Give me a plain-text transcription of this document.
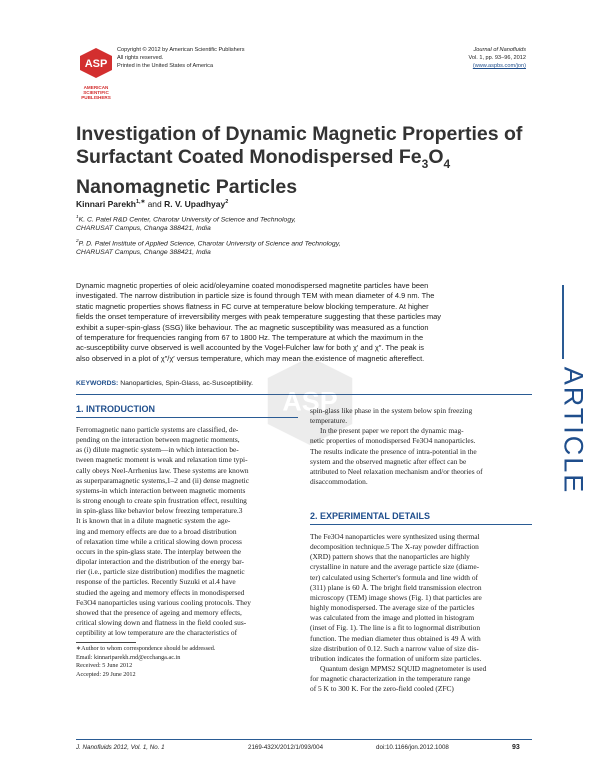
ASP
AMERICAN
SCIENTIFIC
PUBLISHERS
Copyright © 2012 by American Scientific Publishers
All rights reserved.
Printed in the United States of America
Journal of Nanofluids
Vol. 1, pp. 93–96, 2012
(www.aspbs.com/jon)
ARTICLE
Investigation of Dynamic Magnetic Properties of
Surfactant Coated Monodispersed $Fe_3O_4$
Nanomagnetic Particles
Kinnari Parekh$^{1,∗}$ and R. V. Upadhyay$^2$
$^1$K. C. Patel R&D Center, Charotar University of Science and Technology,
CHARUSAT Campus, Changa 388421, India
$^2$P. D. Patel Institute of Applied Science, Charotar University of Science and Technology,
CHARUSAT Campus, Change 388421, India
Dynamic magnetic properties of oleic acid/oleyamine coated monodispersed magnetite particles have been
investigated. The narrow distribution in particle size is found through TEM with mean diameter of 4.9 nm. The
static magnetic properties shows flatness in FC curve at temperature below blocking temperature. At higher
fields the onset temperature of irreversibility merges with peak temperature suggesting that these particles may
exhibit a super-spin-glass (SSG) like behaviour. The ac magnetic susceptibility was measured as a function
of temperature for frequencies ranging from 67 to 1800 Hz. The temperature at which the maximum in the
ac-susceptibility curve observed is well accounted by the Vogel-Fulcher law for both χ′ and χ″. The peak is
also observed in a plot of χ″/χ′ versus temperature, which may mean the existence of magnetic aftereffect.
KEYWORDS: Nanoparticles, Spin-Glass, ac-Susceptibility.
ASP
1. INTRODUCTION

Ferromagnetic nano particle systems are classified, de-

pending on the interaction between magnetic moments,

as (i) dilute magnetic system—in which interaction be-

tween magnetic moment is weak and relaxation time typi-

cally obeys Neel-Arrhenius law. These systems are known

as superparamagnetic systems,1–2 and (ii) dense magnetic

systems-in which interaction between magnetic moments

is strong enough to create spin frustration effect, resulting

in spin-glass like behavior below freezing temperature.3

It is known that in a dilute magnetic system the age-

ing and memory effects are due to a broad distribution

of relaxation time while a critical slowing down process

occurs in the spin-glass state. The interplay between the

dipolar interaction and the distribution of the energy bar-

rier (i.e., particle size distribution) modifies the magnetic

response of the particles. Recently Suzuki et al.4 have

studied the ageing and memory effects in monodispersed

Fe3O4 nanoparticles using various cooling protocols. They

showed that the presence of ageing and memory effects,

critical slowing down and flatness in the field cooled sus-

ceptibility at low temperature are the characteristics of

∗Author to whom correspondence should be addressed.
Email: kinnariparekh.rnd@ecchanga.ac.in
Received: 5 June 2012
Accepted: 29 June 2012

spin-glass like phase in the system below spin freezing

temperature.

In the present paper we report the dynamic mag-

netic properties of monodispersed Fe3O4 nanoparticles.

The results indicate the presence of intra-potential in the

system and the observed magnetic after effect can be

attributed to Neel relaxation mechanism and/or theories of

disaccommodation.

2. EXPERIMENTAL DETAILS

The Fe3O4 nanoparticles were synthesized using thermal

decomposition technique.5 The X-ray powder diffraction

(XRD) pattern shows that the nanoparticles are highly

crystalline in nature and the average particle size (diame-

ter) calculated using Scherter's formula and line width of

(311) plane is 60 Å. The bright field transmission electron

microscopy (TEM) image shows (Fig. 1) that particles are

highly monodispersed. The average size of the particles

was calculated from the image and plotted in histogram

(inset of Fig. 1). The line is a fit to lognormal distribution

function. The median diameter thus obtained is 49 Å with

size distribution of 0.12. Such a narrow value of size dis-

tribution indicates the formation of uniform size particles.

Quantum design MPMS2 SQUID magnetometer is used

for magnetic characterization in the temperature range

of 5 K to 300 K. For the zero-field cooled (ZFC)

J. Nanofluids 2012, Vol. 1, No. 1	2169-432X/2012/1/093/004	doi:10.1166/jon.2012.1008	93
